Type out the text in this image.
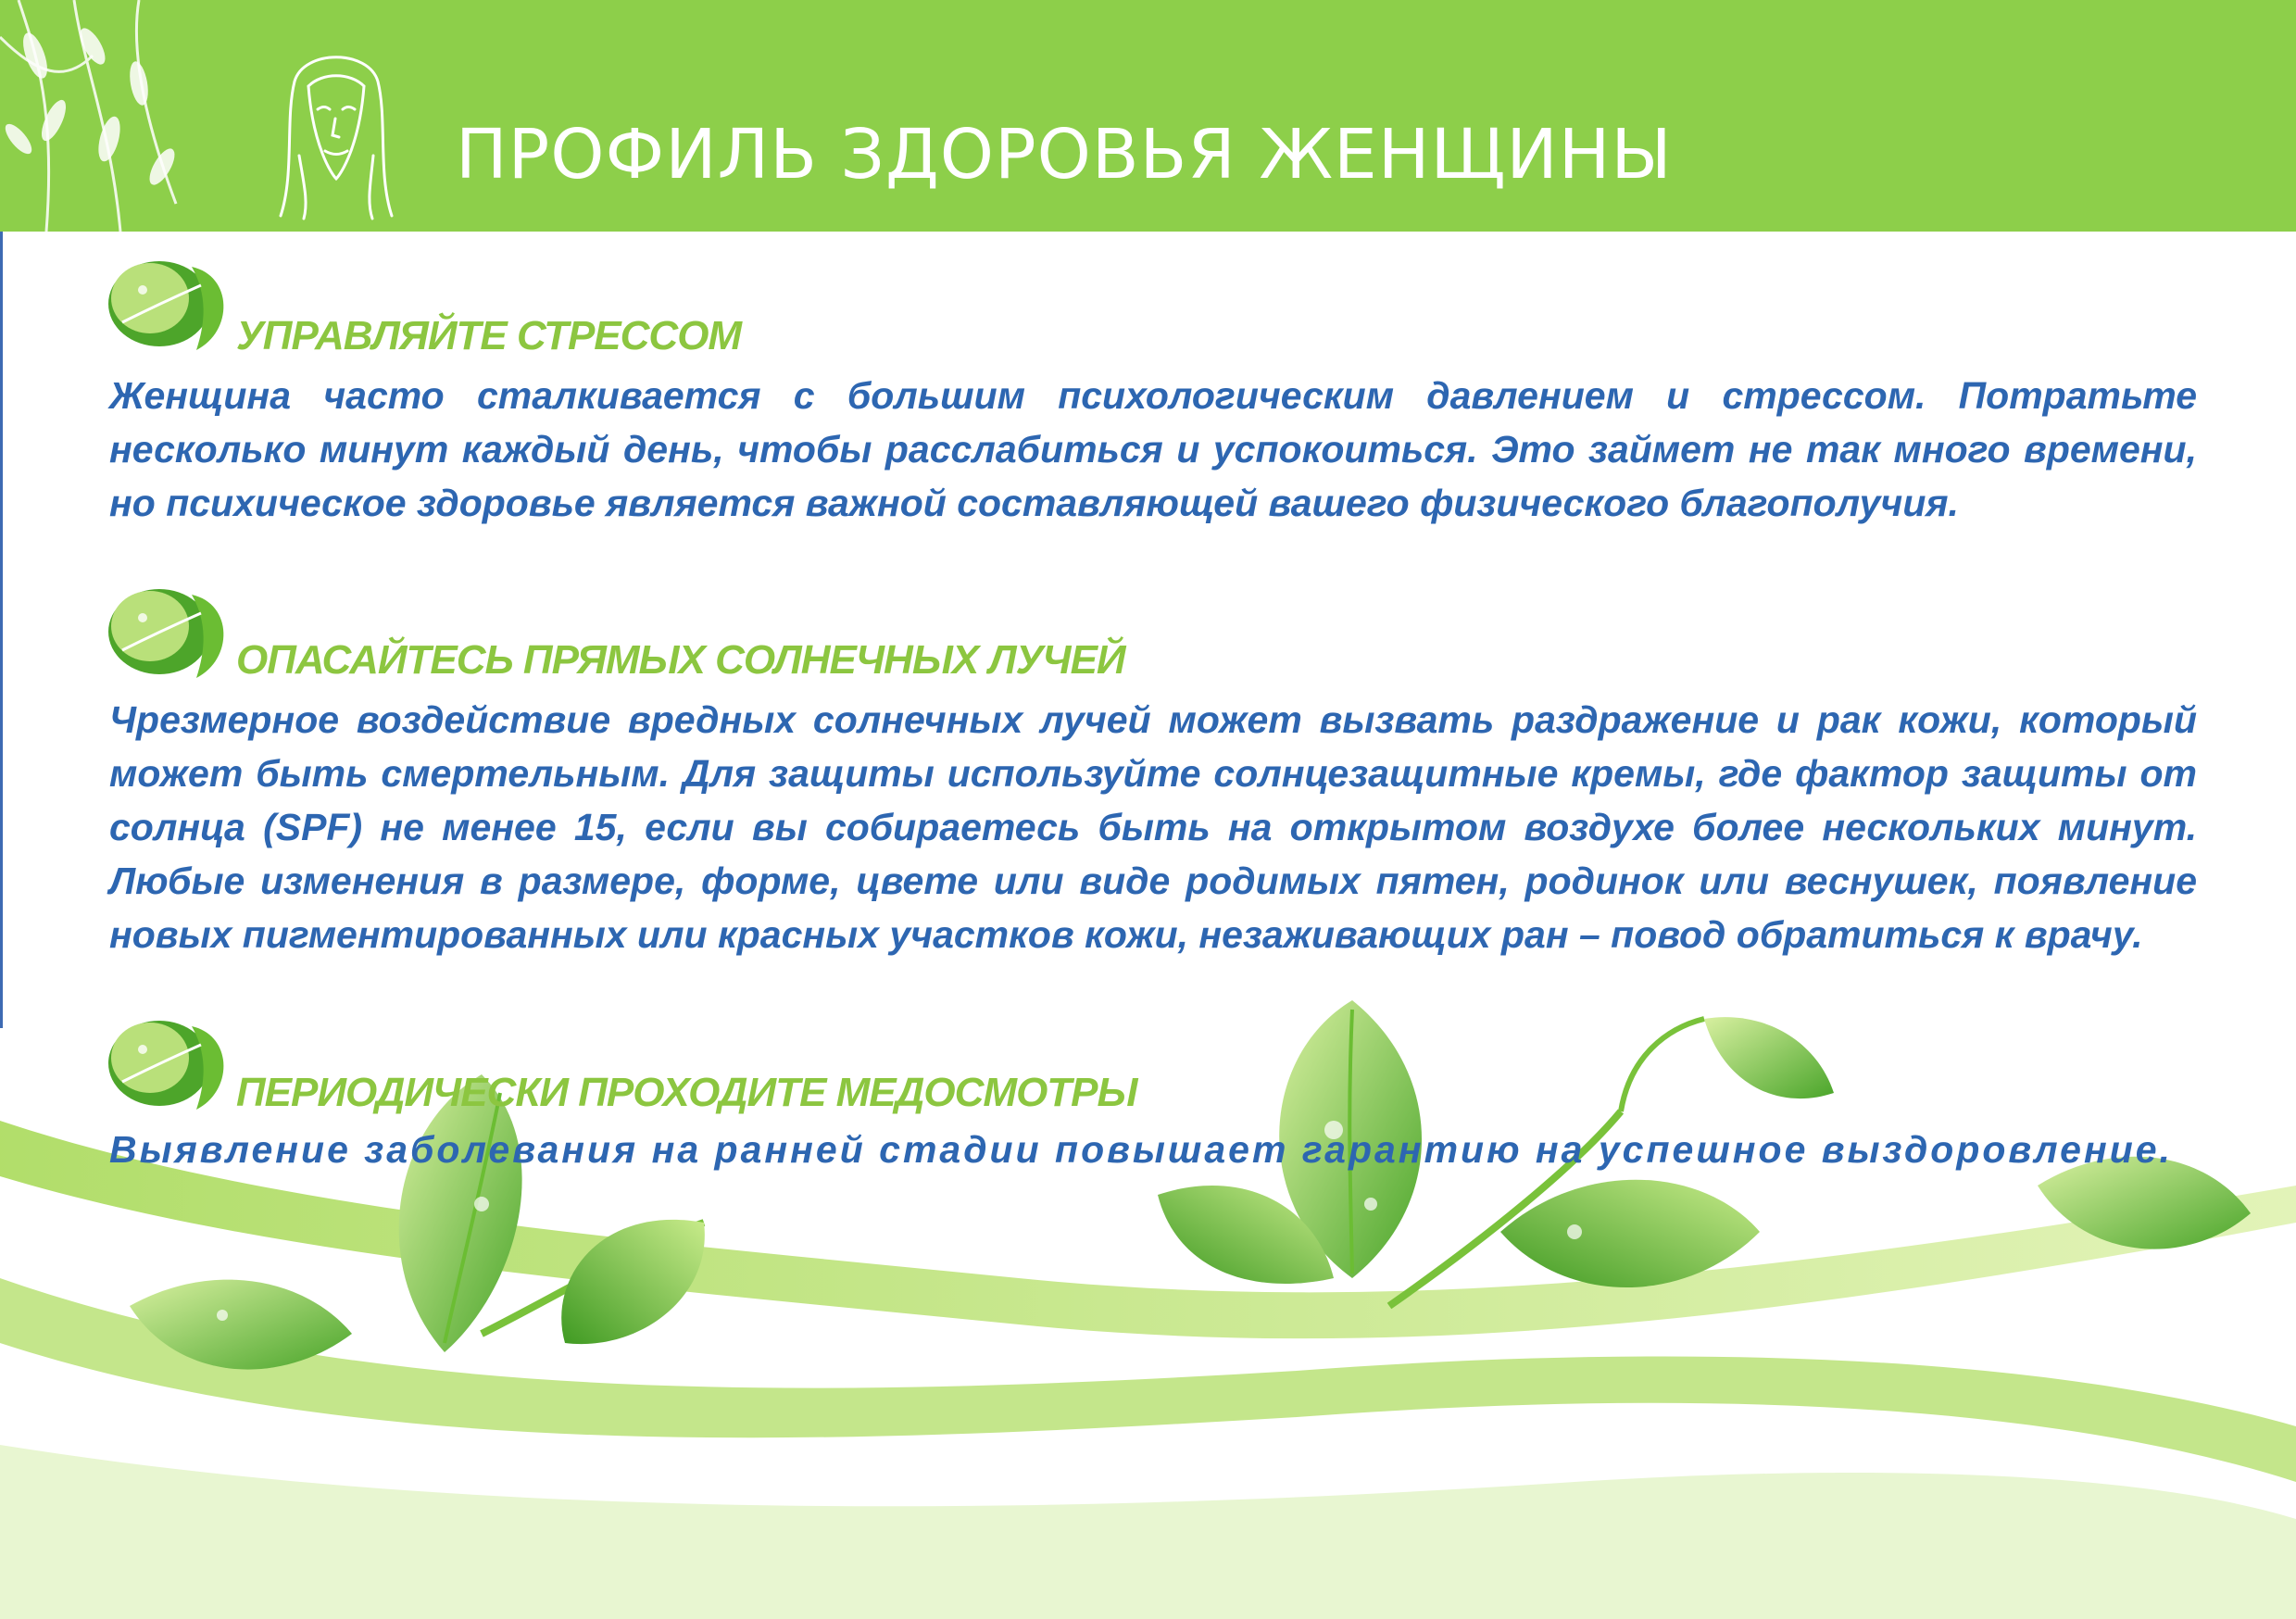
ПРОФИЛЬ ЗДОРОВЬЯ ЖЕНЩИНЫ
УПРАВЛЯЙТЕ СТРЕССОМ

Женщина часто сталкивается с большим психологическим давлением и стрессом. Потратьте несколько минут каждый день, чтобы расслабиться и успокоиться. Это займет не так много времени, но психическое здоровье является важной составляющей вашего физического благополучия.

ОПАСАЙТЕСЬ ПРЯМЫХ СОЛНЕЧНЫХ ЛУЧЕЙ

Чрезмерное воздействие вредных солнечных лучей может вызвать раздражение и рак кожи, который может быть смертельным. Для защиты используйте солнцезащитные кремы, где фактор защиты от солнца (SPF) не менее 15, если вы собираетесь быть на открытом воздухе более нескольких минут. Любые изменения в размере, форме, цвете или виде родимых пятен, родинок или веснушек, появление новых пигментированных или красных участков кожи, незаживающих ран – повод обратиться к врачу.

ПЕРИОДИЧЕСКИ ПРОХОДИТЕ МЕДОСМОТРЫ

Выявление заболевания на ранней стадии повышает гарантию на успешное выздоровление.
